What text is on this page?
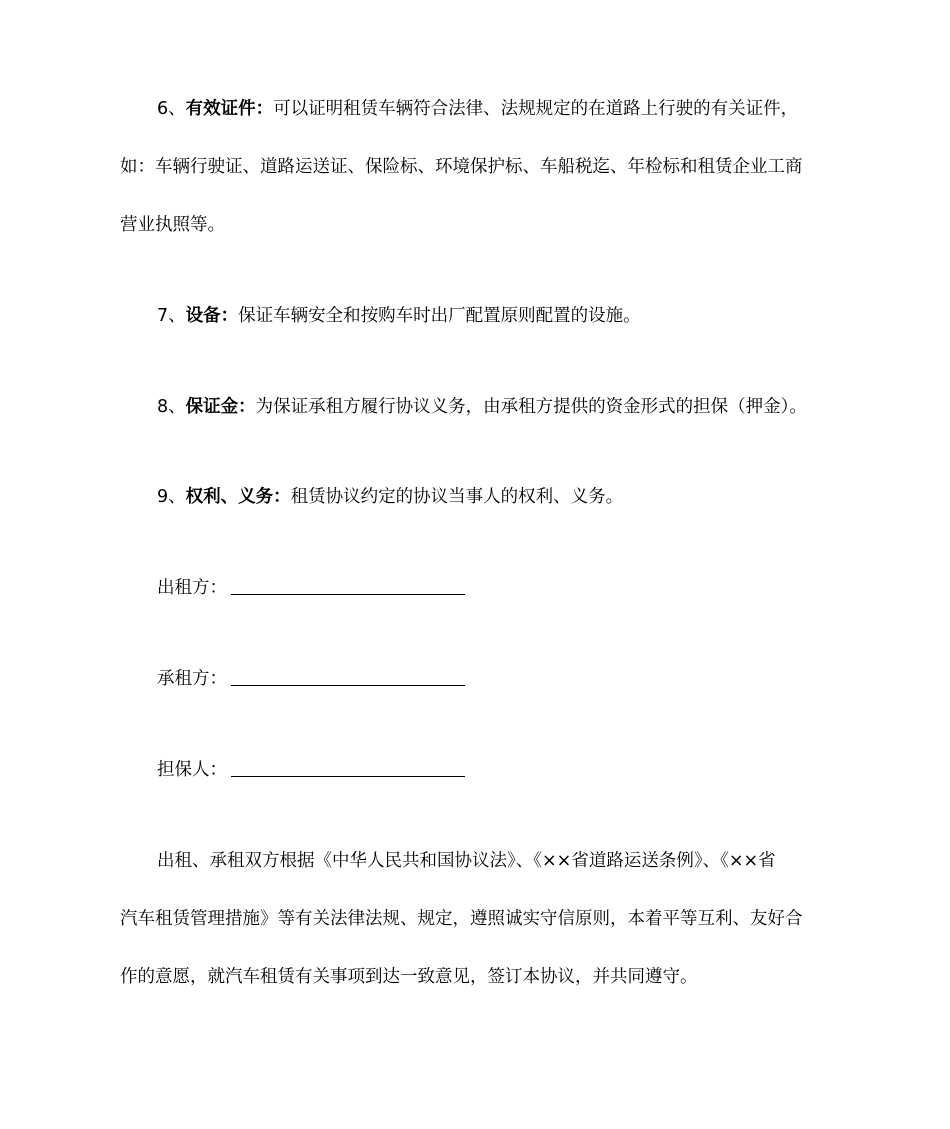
6、有效证件：可以证明租赁车辆符合法律、法规规定的在道路上行驶的有关证件，
如：车辆行驶证、道路运送证、保险标、环境保护标、车船税迄、年检标和租赁企业工商
营业执照等。
7、设备：保证车辆安全和按购车时出厂配置原则配置的设施。
8、保证金：为保证承租方履行协议义务，由承租方提供的资金形式的担保（押金）。
9、权利、义务：租赁协议约定的协议当事人的权利、义务。
出租方：
承租方：
担保人：
出租、承租双方根据《中华人民共和国协议法》、《××省道路运送条例》、《××省
汽车租赁管理措施》等有关法律法规、规定，遵照诚实守信原则，本着平等互利、友好合
作的意愿，就汽车租赁有关事项到达一致意见，签订本协议，并共同遵守。
